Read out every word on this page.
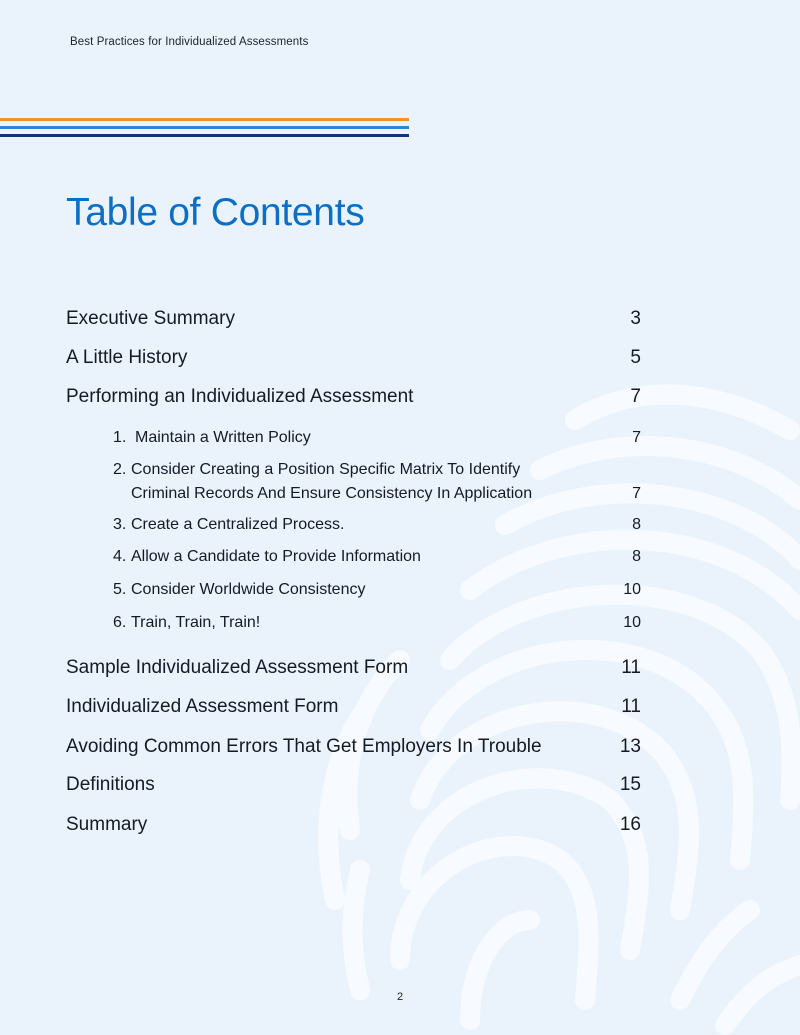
Best Practices for Individualized Assessments
Table of Contents
Executive Summary	3
A Little History	5
Performing an Individualized Assessment	7
1. Maintain a Written Policy	7
2. Consider Creating a Position Specific Matrix To Identify
Criminal Records And Ensure Consistency In Application	7
3. Create a Centralized Process.	8
4. Allow a Candidate to Provide Information	8
5. Consider Worldwide Consistency	10
6. Train, Train, Train!	10
Sample Individualized Assessment Form	11
Individualized Assessment Form	11
Avoiding Common Errors That Get Employers In Trouble	13
Definitions	15
Summary	16
2
